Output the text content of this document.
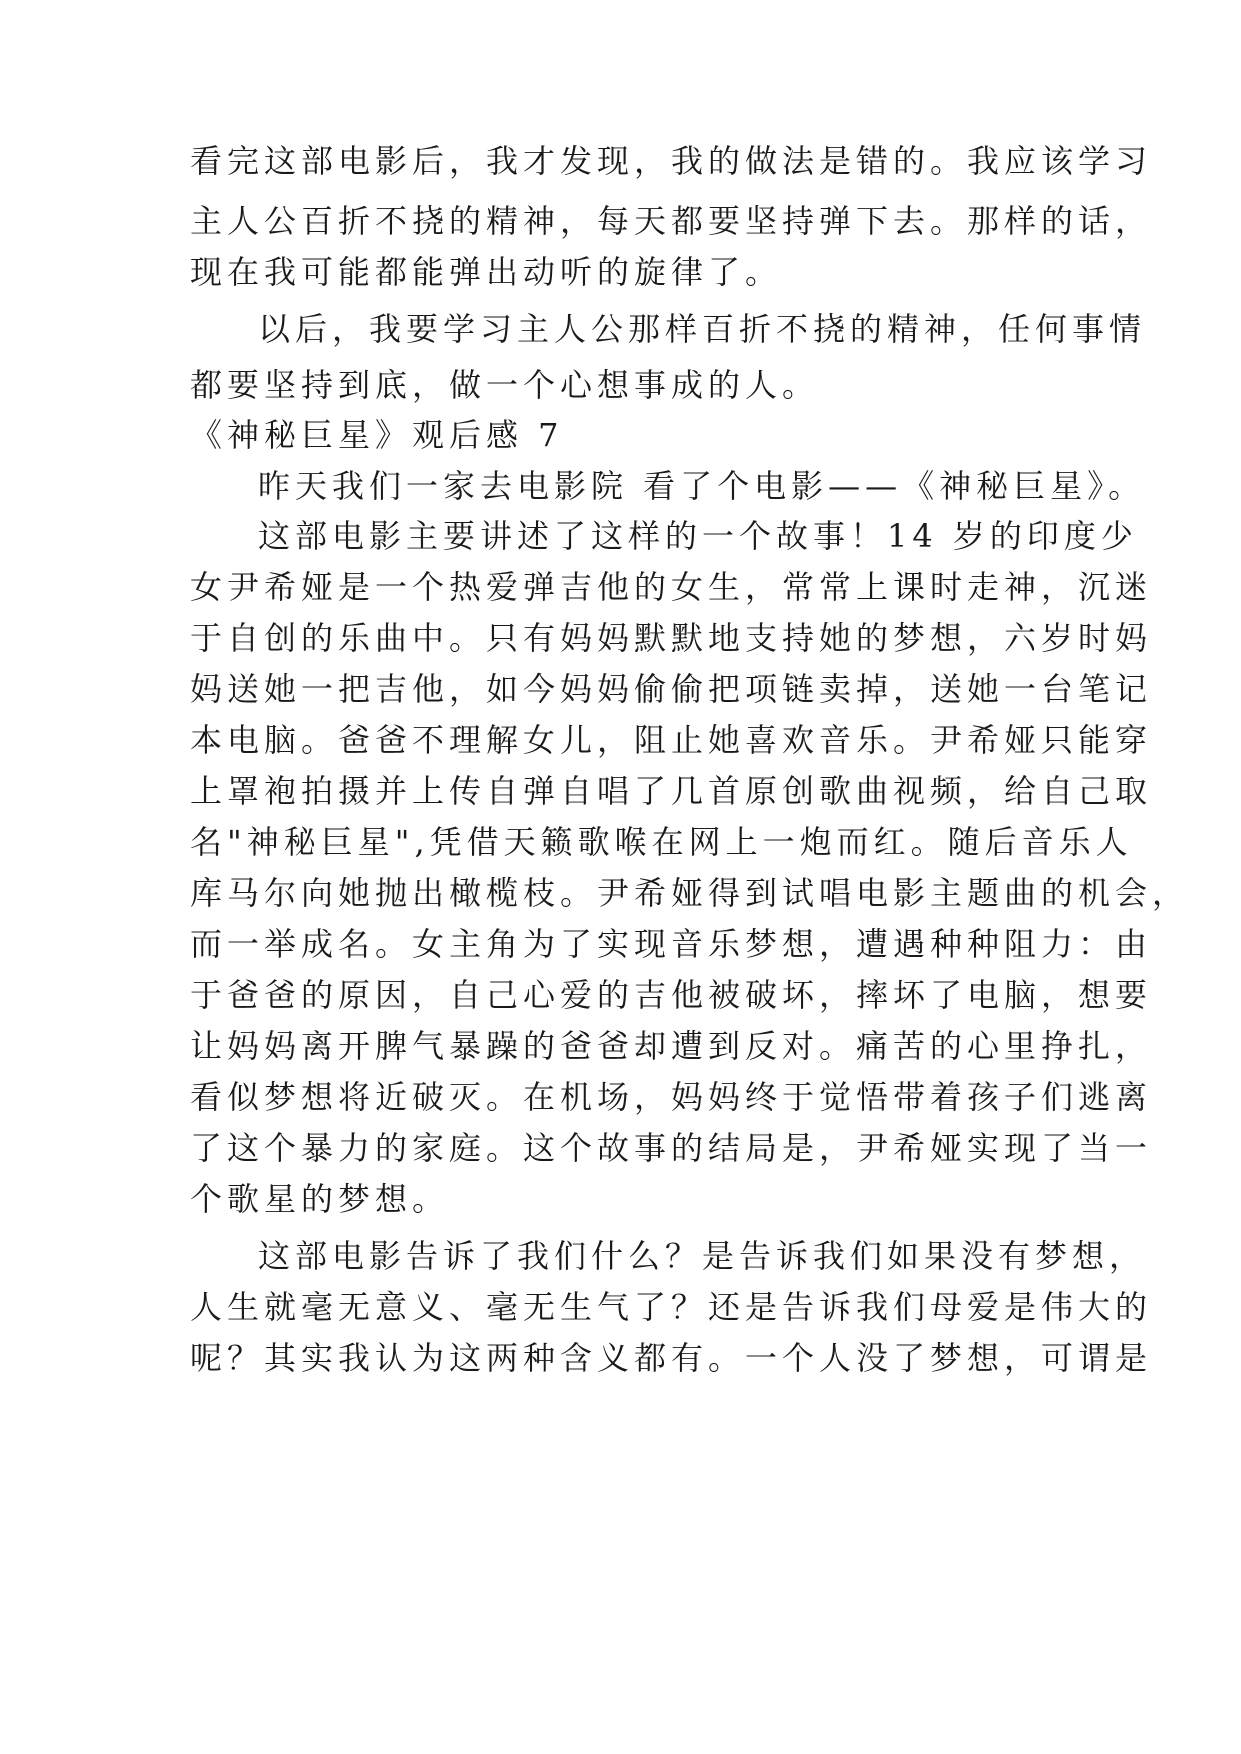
看完这部电影后，我才发现，我的做法是错的。我应该学习
主人公百折不挠的精神，每天都要坚持弹下去。那样的话，
现在我可能都能弹出动听的旋律了。
以后，我要学习主人公那样百折不挠的精神，任何事情
都要坚持到底，做一个心想事成的人。
《神秘巨星》观后感 7
昨天我们一家去电影院 看了个电影——《神秘巨星》。
这部电影主要讲述了这样的一个故事！14 岁的印度少
女尹希娅是一个热爱弹吉他的女生，常常上课时走神，沉迷
于自创的乐曲中。只有妈妈默默地支持她的梦想，六岁时妈
妈送她一把吉他，如今妈妈偷偷把项链卖掉，送她一台笔记
本电脑。爸爸不理解女儿，阻止她喜欢音乐。尹希娅只能穿
上罩袍拍摄并上传自弹自唱了几首原创歌曲视频，给自己取
名"神秘巨星",凭借天籁歌喉在网上一炮而红。随后音乐人
库马尔向她抛出橄榄枝。尹希娅得到试唱电影主题曲的机会，
而一举成名。女主角为了实现音乐梦想，遭遇种种阻力：由
于爸爸的原因，自己心爱的吉他被破坏，摔坏了电脑，想要
让妈妈离开脾气暴躁的爸爸却遭到反对。痛苦的心里挣扎，
看似梦想将近破灭。在机场，妈妈终于觉悟带着孩子们逃离
了这个暴力的家庭。这个故事的结局是，尹希娅实现了当一
个歌星的梦想。
这部电影告诉了我们什么？是告诉我们如果没有梦想，
人生就毫无意义、毫无生气了？还是告诉我们母爱是伟大的
呢？其实我认为这两种含义都有。一个人没了梦想，可谓是
